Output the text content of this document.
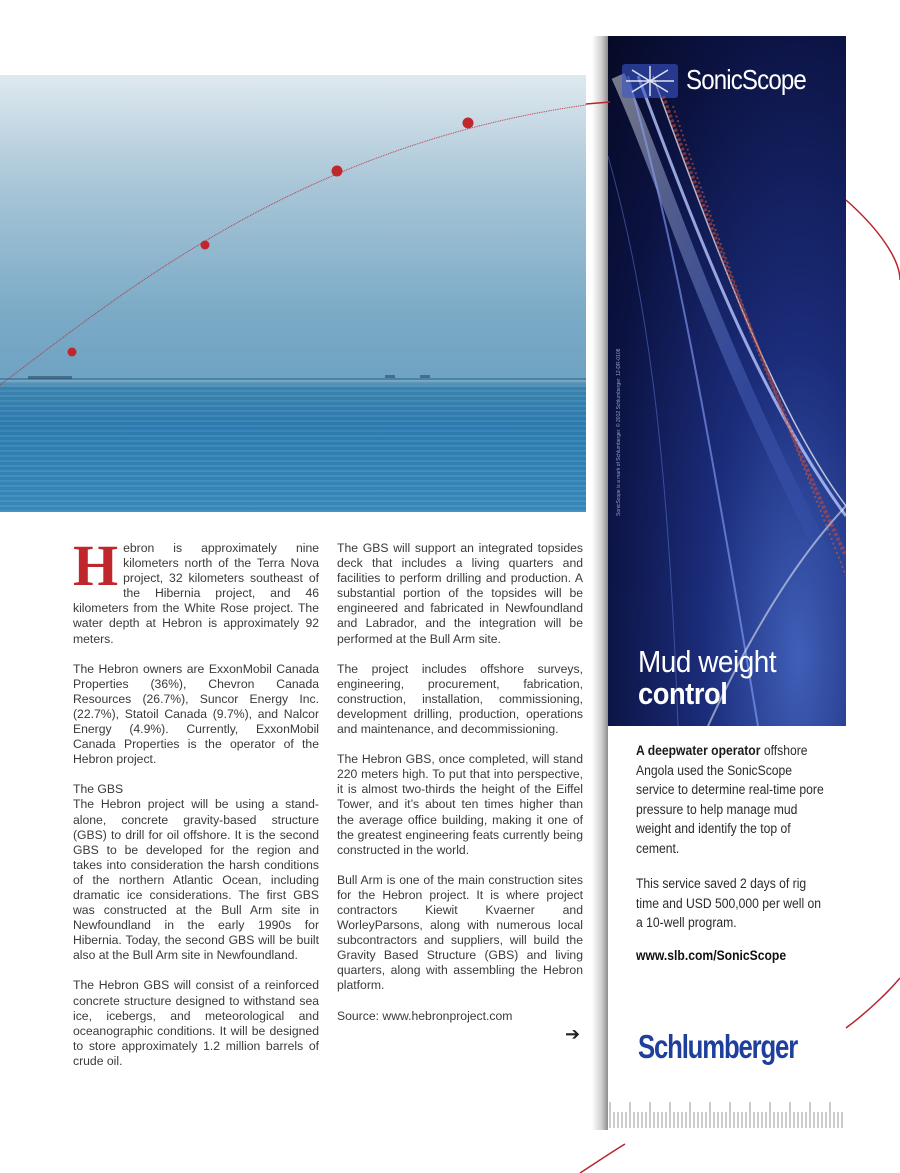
Hebron is approximately nine kilometers north of the Terra Nova project, 32 kilometers southeast of the Hibernia project, and 46 kilometers from the White Rose project. The water depth at Hebron is approximately 92 meters.

The Hebron owners are ExxonMobil Canada Properties (36%), Chevron Canada Resources (26.7%), Suncor Energy Inc. (22.7%), Statoil Canada (9.7%), and Nalcor Energy (4.9%). Currently, ExxonMobil Canada Properties is the operator of the Hebron project.

The GBS

The Hebron project will be using a stand-alone, concrete gravity-based structure (GBS) to drill for oil offshore. It is the second GBS to be developed for the region and takes into consideration the harsh conditions of the northern Atlantic Ocean, including dramatic ice considerations. The first GBS was constructed at the Bull Arm site in Newfoundland in the early 1990s for Hibernia. Today, the second GBS will be built also at the Bull Arm site in Newfoundland.

The Hebron GBS will consist of a reinforced concrete structure designed to withstand sea ice, icebergs, and meteorological and oceanographic conditions. It will be designed to store approximately 1.2 million barrels of crude oil.

The GBS will support an integrated topsides deck that includes a living quarters and facilities to perform drilling and production. A substantial portion of the topsides will be engineered and fabricated in Newfoundland and Labrador, and the integration will be performed at the Bull Arm site.

The project includes offshore surveys, engineering, procurement, fabrication, construction, installation, commissioning, development drilling, production, operations and maintenance, and decommissioning.

The Hebron GBS, once completed, will stand 220 meters high. To put that into perspective, it is almost two-thirds the height of the Eiffel Tower, and it’s about ten times higher than the average office building, making it one of the greatest engineering feats currently being constructed in the world.

Bull Arm is one of the main construction sites for the Hebron project. It is where project contractors Kiewit Kvaerner and WorleyParsons, along with numerous local subcontractors and suppliers, will build the Gravity Based Structure (GBS) and living quarters, along with assembling the Hebron platform.

Source: www.hebronproject.com

➔
SonicScope
SonicScope is a mark of Schlumberger. © 2012 Schlumberger. 12-DR-0108
Mud weight
control
A deepwater operator offshore Angola used the SonicScope service to determine real-time pore pressure to help manage mud weight and identify the top of cement.
This service saved 2 days of rig time and USD 500,000 per well on a 10-well program.
www.slb.com/SonicScope
Schlumberger
